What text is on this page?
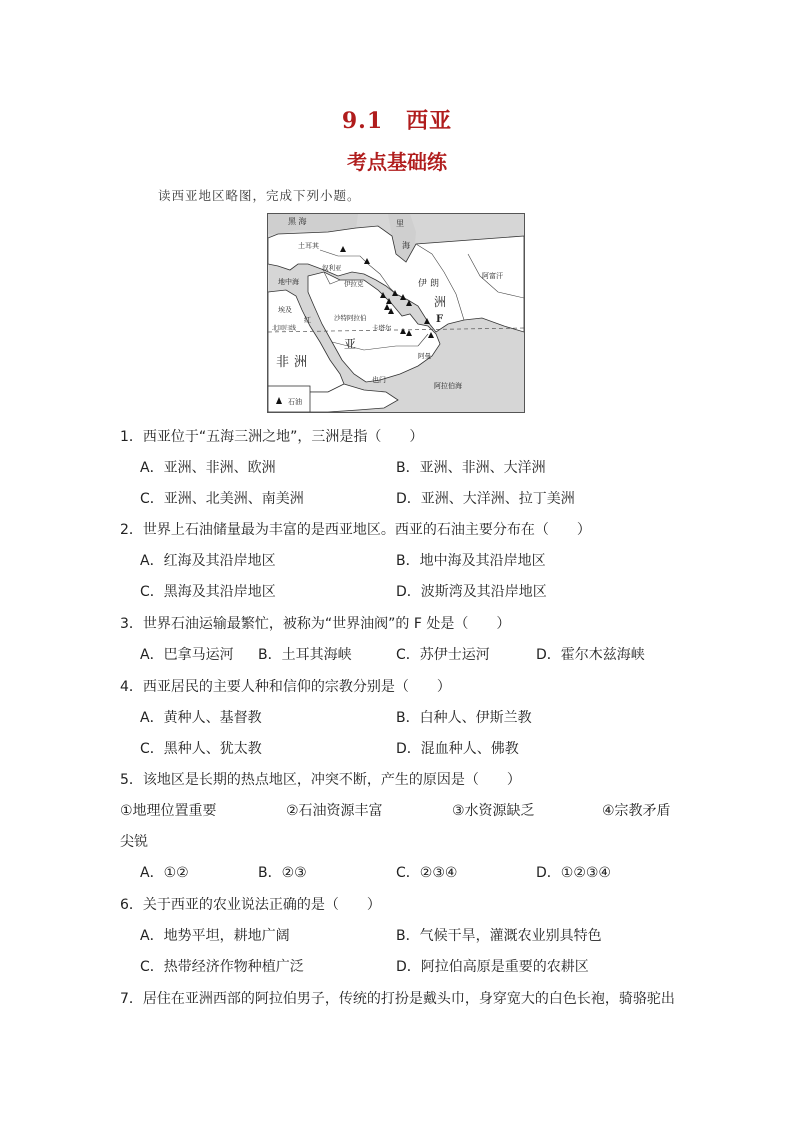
9.1　西亚
考点基础练
读西亚地区略图，完成下列小题。
黑 海	里
海
土耳其
叙利亚
伊拉克	伊 朗
阿富汗
地中海
埃及
北回归线
洲
沙特阿拉伯
卡塔尔
红
亚
阿曼
F
非 洲
也门
阿拉伯海
石油
1．西亚位于“五海三洲之地”，三洲是指（　　）
A．亚洲、非洲、欧洲	B．亚洲、非洲、大洋洲
C．亚洲、北美洲、南美洲	D．亚洲、大洋洲、拉丁美洲
2．世界上石油储量最为丰富的是西亚地区。西亚的石油主要分布在（　　）
A．红海及其沿岸地区	B．地中海及其沿岸地区
C．黑海及其沿岸地区	D．波斯湾及其沿岸地区
3．世界石油运输最繁忙，被称为“世界油阀”的 F 处是（　　）
A．巴拿马运河 B．土耳其海峡	C．苏伊士运河	D．霍尔木兹海峡
4．西亚居民的主要人种和信仰的宗教分别是（　　）
A．黄种人、基督教	B．白种人、伊斯兰教
C．黑种人、犹太教	D．混血种人、佛教
5．该地区是长期的热点地区，冲突不断，产生的原因是（　　）
①地理位置重要	②石油资源丰富	③水资源缺乏	④宗教矛盾
尖锐
A．①②	B．②③	C．②③④	D．①②③④
6．关于西亚的农业说法正确的是（　　）
A．地势平坦，耕地广阔	B．气候干旱，灌溉农业别具特色
C．热带经济作物种植广泛	D．阿拉伯高原是重要的农耕区
7．居住在亚洲西部的阿拉伯男子，传统的打扮是戴头巾，身穿宽大的白色长袍，骑骆驼出
